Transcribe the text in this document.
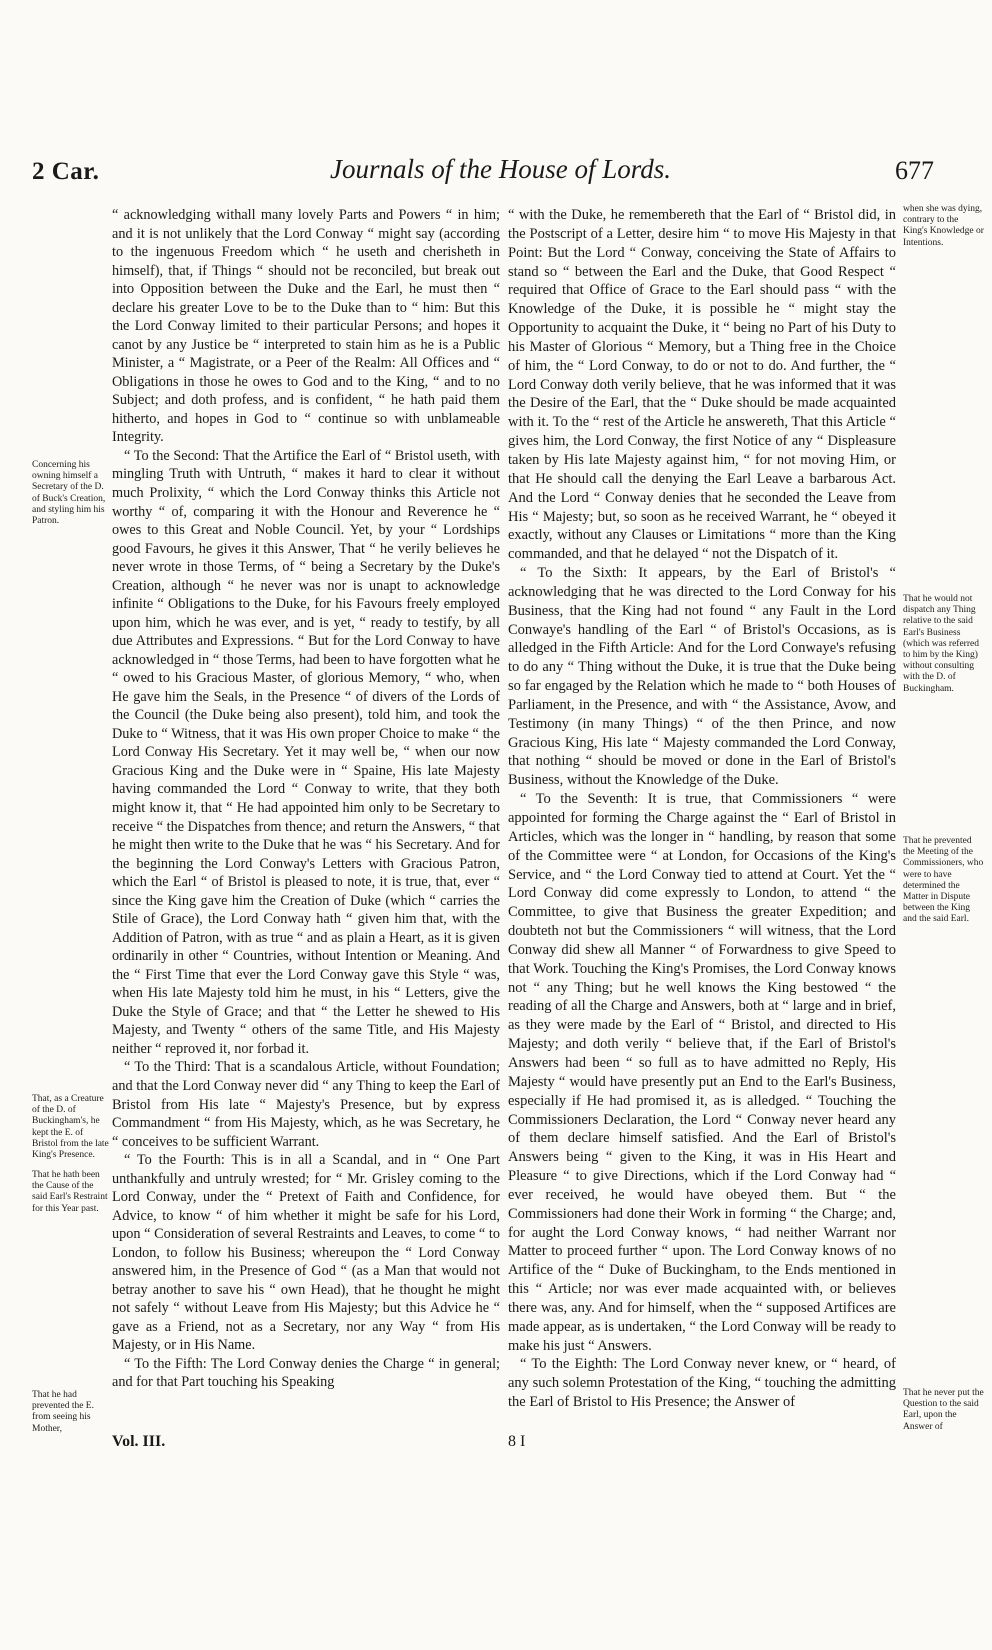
2 Car.	Journals of the House of Lords.	677
Concerning his owning himself a Secretary of the D. of Buck's Creation, and styling him his Patron.
That, as a Creature of the D. of Buckingham's, he kept the E. of Bristol from the late King's Presence.
That he hath been the Cause of the said Earl's Restraint for this Year past.
That he had prevented the E. from seeing his Mother,
when she was dying, contrary to the King's Knowledge or Intentions.
That he would not dispatch any Thing relative to the said Earl's Business (which was referred to him by the King) without consulting with the D. of Buckingham.
That he prevented the Meeting of the Commissioners, who were to have determined the Matter in Dispute between the King and the said Earl.
That he never put the Question to the said Earl, upon the Answer of

“ acknowledging withall many lovely Parts and Powers “ in him; and it is not unlikely that the Lord Conway “ might say (according to the ingenuous Freedom which “ he useth and cherisheth in himself), that, if Things “ should not be reconciled, but break out into Opposition between the Duke and the Earl, he must then “ declare his greater Love to be to the Duke than to “ him: But this the Lord Conway limited to their particular Persons; and hopes it canot by any Justice be “ interpreted to stain him as he is a Public Minister, a “ Magistrate, or a Peer of the Realm: All Offices and “ Obligations in those he owes to God and to the King, “ and to no Subject; and doth profess, and is confident, “ he hath paid them hitherto, and hopes in God to “ continue so with unblameable Integrity.

“ To the Second: That the Artifice the Earl of “ Bristol useth, with mingling Truth with Untruth, “ makes it hard to clear it without much Prolixity, “ which the Lord Conway thinks this Article not worthy “ of, comparing it with the Honour and Reverence he “ owes to this Great and Noble Council. Yet, by your “ Lordships good Favours, he gives it this Answer, That “ he verily believes he never wrote in those Terms, of “ being a Secretary by the Duke's Creation, although “ he never was nor is unapt to acknowledge infinite “ Obligations to the Duke, for his Favours freely employed upon him, which he was ever, and is yet, “ ready to testify, by all due Attributes and Expressions. “ But for the Lord Conway to have acknowledged in “ those Terms, had been to have forgotten what he “ owed to his Gracious Master, of glorious Memory, “ who, when He gave him the Seals, in the Presence “ of divers of the Lords of the Council (the Duke being also present), told him, and took the Duke to “ Witness, that it was His own proper Choice to make “ the Lord Conway His Secretary. Yet it may well be, “ when our now Gracious King and the Duke were in “ Spaine, His late Majesty having commanded the Lord “ Conway to write, that they both might know it, that “ He had appointed him only to be Secretary to receive “ the Dispatches from thence; and return the Answers, “ that he might then write to the Duke that he was “ his Secretary. And for the beginning the Lord Conway's Letters with Gracious Patron, which the Earl “ of Bristol is pleased to note, it is true, that, ever “ since the King gave him the Creation of Duke (which “ carries the Stile of Grace), the Lord Conway hath “ given him that, with the Addition of Patron, with as true “ and as plain a Heart, as it is given ordinarily in other “ Countries, without Intention or Meaning. And the “ First Time that ever the Lord Conway gave this Style “ was, when His late Majesty told him he must, in his “ Letters, give the Duke the Style of Grace; and that “ the Letter he shewed to His Majesty, and Twenty “ others of the same Title, and His Majesty neither “ reproved it, nor forbad it.

“ To the Third: That is a scandalous Article, without Foundation; and that the Lord Conway never did “ any Thing to keep the Earl of Bristol from His late “ Majesty's Presence, but by express Commandment “ from His Majesty, which, as he was Secretary, he “ conceives to be sufficient Warrant.

“ To the Fourth: This is in all a Scandal, and in “ One Part unthankfully and untruly wrested; for “ Mr. Grisley coming to the Lord Conway, under the “ Pretext of Faith and Confidence, for Advice, to know “ of him whether it might be safe for his Lord, upon “ Consideration of several Restraints and Leaves, to come “ to London, to follow his Business; whereupon the “ Lord Conway answered him, in the Presence of God “ (as a Man that would not betray another to save his “ own Head), that he thought he might not safely “ without Leave from His Majesty; but this Advice he “ gave as a Friend, not as a Secretary, nor any Way “ from His Majesty, or in His Name.

“ To the Fifth: The Lord Conway denies the Charge “ in general; and for that Part touching his Speaking

“ with the Duke, he remembereth that the Earl of “ Bristol did, in the Postscript of a Letter, desire him “ to move His Majesty in that Point: But the Lord “ Conway, conceiving the State of Affairs to stand so “ between the Earl and the Duke, that Good Respect “ required that Office of Grace to the Earl should pass “ with the Knowledge of the Duke, it is possible he “ might stay the Opportunity to acquaint the Duke, it “ being no Part of his Duty to his Master of Glorious “ Memory, but a Thing free in the Choice of him, the “ Lord Conway, to do or not to do. And further, the “ Lord Conway doth verily believe, that he was informed that it was the Desire of the Earl, that the “ Duke should be made acquainted with it. To the “ rest of the Article he answereth, That this Article “ gives him, the Lord Conway, the first Notice of any “ Displeasure taken by His late Majesty against him, “ for not moving Him, or that He should call the denying the Earl Leave a barbarous Act. And the Lord “ Conway denies that he seconded the Leave from His “ Majesty; but, so soon as he received Warrant, he “ obeyed it exactly, without any Clauses or Limitations “ more than the King commanded, and that he delayed “ not the Dispatch of it.

“ To the Sixth: It appears, by the Earl of Bristol's “ acknowledging that he was directed to the Lord Conway for his Business, that the King had not found “ any Fault in the Lord Conwaye's handling of the Earl “ of Bristol's Occasions, as is alledged in the Fifth Article: And for the Lord Conwaye's refusing to do any “ Thing without the Duke, it is true that the Duke being so far engaged by the Relation which he made to “ both Houses of Parliament, in the Presence, and with “ the Assistance, Avow, and Testimony (in many Things) “ of the then Prince, and now Gracious King, His late “ Majesty commanded the Lord Conway, that nothing “ should be moved or done in the Earl of Bristol's Business, without the Knowledge of the Duke.

“ To the Seventh: It is true, that Commissioners “ were appointed for forming the Charge against the “ Earl of Bristol in Articles, which was the longer in “ handling, by reason that some of the Committee were “ at London, for Occasions of the King's Service, and “ the Lord Conway tied to attend at Court. Yet the “ Lord Conway did come expressly to London, to attend “ the Committee, to give that Business the greater Expedition; and doubteth not but the Commissioners “ will witness, that the Lord Conway did shew all Manner “ of Forwardness to give Speed to that Work. Touching the King's Promises, the Lord Conway knows not “ any Thing; but he well knows the King bestowed “ the reading of all the Charge and Answers, both at “ large and in brief, as they were made by the Earl of “ Bristol, and directed to His Majesty; and doth verily “ believe that, if the Earl of Bristol's Answers had been “ so full as to have admitted no Reply, His Majesty “ would have presently put an End to the Earl's Business, especially if He had promised it, as is alledged. “ Touching the Commissioners Declaration, the Lord “ Conway never heard any of them declare himself satisfied. And the Earl of Bristol's Answers being “ given to the King, it was in His Heart and Pleasure “ to give Directions, which if the Lord Conway had “ ever received, he would have obeyed them. But “ the Commissioners had done their Work in forming “ the Charge; and, for aught the Lord Conway knows, “ had neither Warrant nor Matter to proceed further “ upon. The Lord Conway knows of no Artifice of the “ Duke of Buckingham, to the Ends mentioned in this “ Article; nor was ever made acquainted with, or believes there was, any. And for himself, when the “ supposed Artifices are made appear, as is undertaken, “ the Lord Conway will be ready to make his just “ Answers.

“ To the Eighth: The Lord Conway never knew, or “ heard, of any such solemn Protestation of the King, “ touching the admitting the Earl of Bristol to His Presence; the Answer of

Vol. III.	8 I
